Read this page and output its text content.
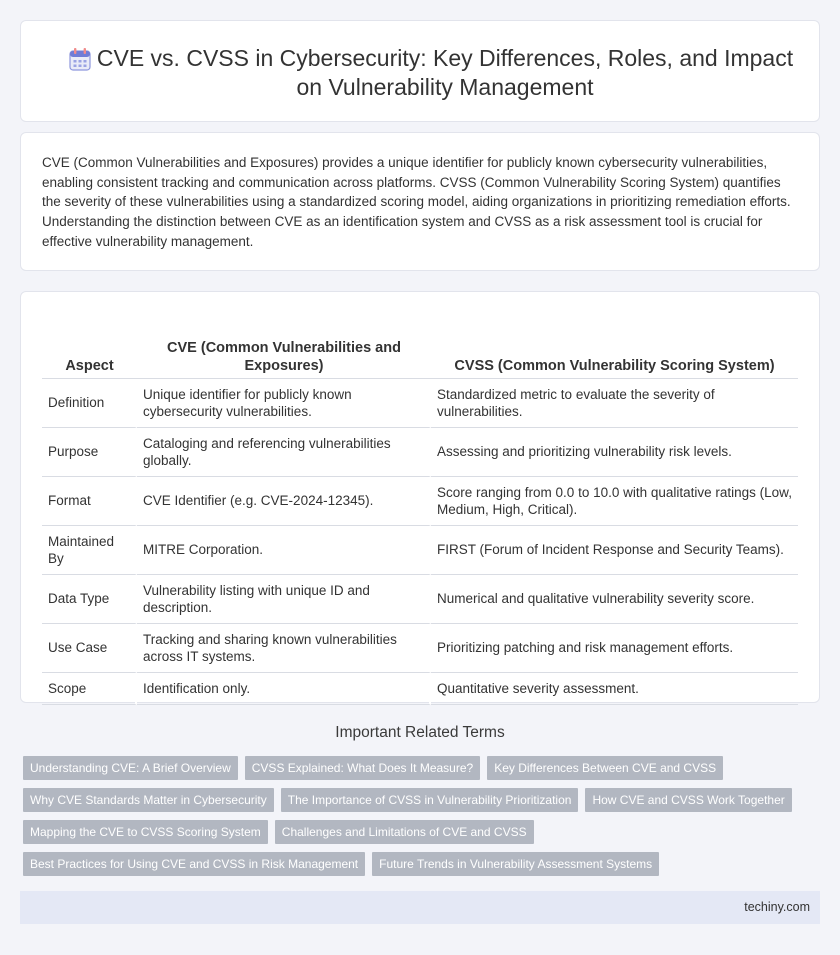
CVE vs. CVSS in Cybersecurity: Key Differences, Roles, and Impact on Vulnerability Management

CVE (Common Vulnerabilities and Exposures) provides a unique identifier for publicly known cybersecurity vulnerabilities, enabling consistent tracking and communication across platforms. CVSS (Common Vulnerability Scoring System) quantifies the severity of these vulnerabilities using a standardized scoring model, aiding organizations in prioritizing remediation efforts. Understanding the distinction between CVE as an identification system and CVSS as a risk assessment tool is crucial for effective vulnerability management.

Aspect	CVE (Common Vulnerabilities and Exposures)	CVSS (Common Vulnerability Scoring System)
Definition	Unique identifier for publicly known cybersecurity vulnerabilities.	Standardized metric to evaluate the severity of vulnerabilities.
Purpose	Cataloging and referencing vulnerabilities globally.	Assessing and prioritizing vulnerability risk levels.
Format	CVE Identifier (e.g. CVE-2024-12345).	Score ranging from 0.0 to 10.0 with qualitative ratings (Low, Medium, High, Critical).
Maintained By	MITRE Corporation.	FIRST (Forum of Incident Response and Security Teams).
Data Type	Vulnerability listing with unique ID and description.	Numerical and qualitative vulnerability severity score.
Use Case	Tracking and sharing known vulnerabilities across IT systems.	Prioritizing patching and risk management efforts.
Scope	Identification only.	Quantitative severity assessment.
Important Related Terms
Understanding CVE: A Brief Overview CVSS Explained: What Does It Measure? Key Differences Between CVE and CVSS
Why CVE Standards Matter in Cybersecurity The Importance of CVSS in Vulnerability Prioritization How CVE and CVSS Work Together
Mapping the CVE to CVSS Scoring System Challenges and Limitations of CVE and CVSS
Best Practices for Using CVE and CVSS in Risk Management Future Trends in Vulnerability Assessment Systems
techiny.com
